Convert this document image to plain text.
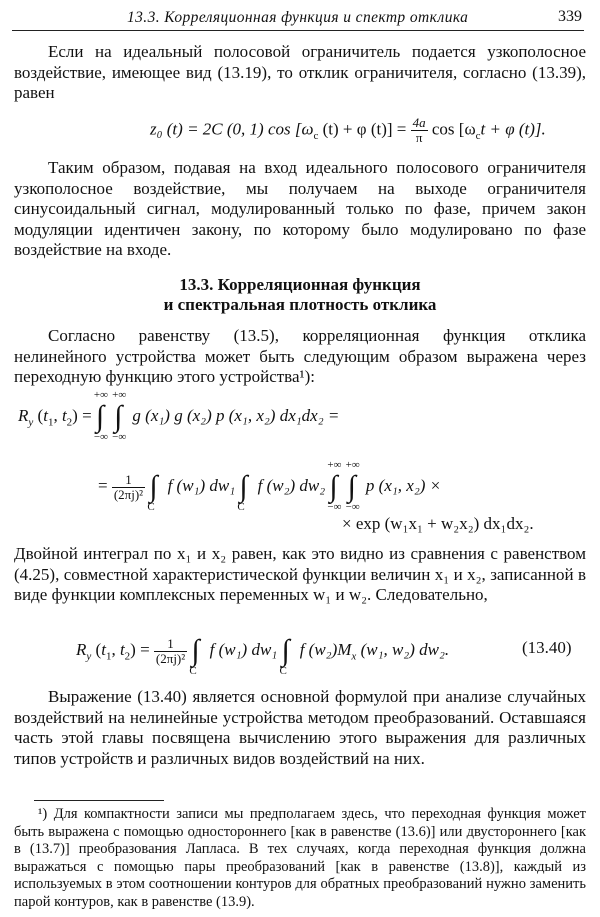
13.3. Корреляционная функция и спектр отклика	339

Если на идеальный полосовой ограничитель подается узкополосное воздействие, имеющее вид (13.19), то отклик ограничителя, согласно (13.39), равен

z₀ (t) = 2C (0, 1) $\cos [\omega_c$ (t) + φ $(t)] = \frac{4a}{\pi}$ $\cos [\omega_ct + \varphi$ (t)].

Таким образом, подавая на вход идеального полосового ограничителя узкополосное воздействие, мы получаем на выходе ограничителя синусоидальный сигнал, модулированный только по фазе, причем закон модуляции идентичен закону, по которому было модулировано по фазе воздействие на входе.

13.3. Корреляционная функция
и спектральная плотность отклика

Согласно равенству (13.5), корреляционная функция отклика нелинейного устройства может быть следующим образом выражена через переходную функцию этого устройства¹):

$R_y$ ($t_1$, $t_2$) = ∫
+∞
−∞
∫
+∞
−∞
g (x₁) g (x₂) p (x₁, x₂) dx₁dx₂ =
= $\frac{1}{\text{(2πj)²}}$ ∫
C
f (w₁) dw₁ ∫
C
f (w₂) dw₂ ∫
+∞
−∞
∫
+∞
−∞
p (x₁, x₂) ×
× exp (w₁x₁ + w₂x₂) dx₁dx₂.

Двойной интеграл по x₁ и x₂ равен, как это видно из сравнения с равенством (4.25), совместной характеристической функции величин x₁ и x₂, записанной в виде функции комплексных переменных w₁ и w₂. Следовательно,

$R_y$ ($t_1$, $t_2) = \frac{1}{\text{(2πj)²}}$ ∫
C
f (w₁) dw₁ ∫
C
f $(w_2)M_x$ (w₁, w₂) dw₂.	(13.40)

Выражение (13.40) является основной формулой при анализе случайных воздействий на нелинейные устройства методом преобразований. Оставшаяся часть этой главы посвящена вычислению этого выражения для различных типов устройств и различных видов воздействий на них.

¹) Для компактности записи мы предполагаем здесь, что переходная функция может быть выражена с помощью одностороннего [как в равенстве (13.6)] или двустороннего [как в (13.7)] преобразования Лапласа. В тех случаях, когда переходная функция должна выражаться с помощью пары преобразований [как в равенстве (13.8)], каждый из используемых в этом соотношении контуров для обратных преобразований нужно заменить парой контуров, как в равенстве (13.9).
